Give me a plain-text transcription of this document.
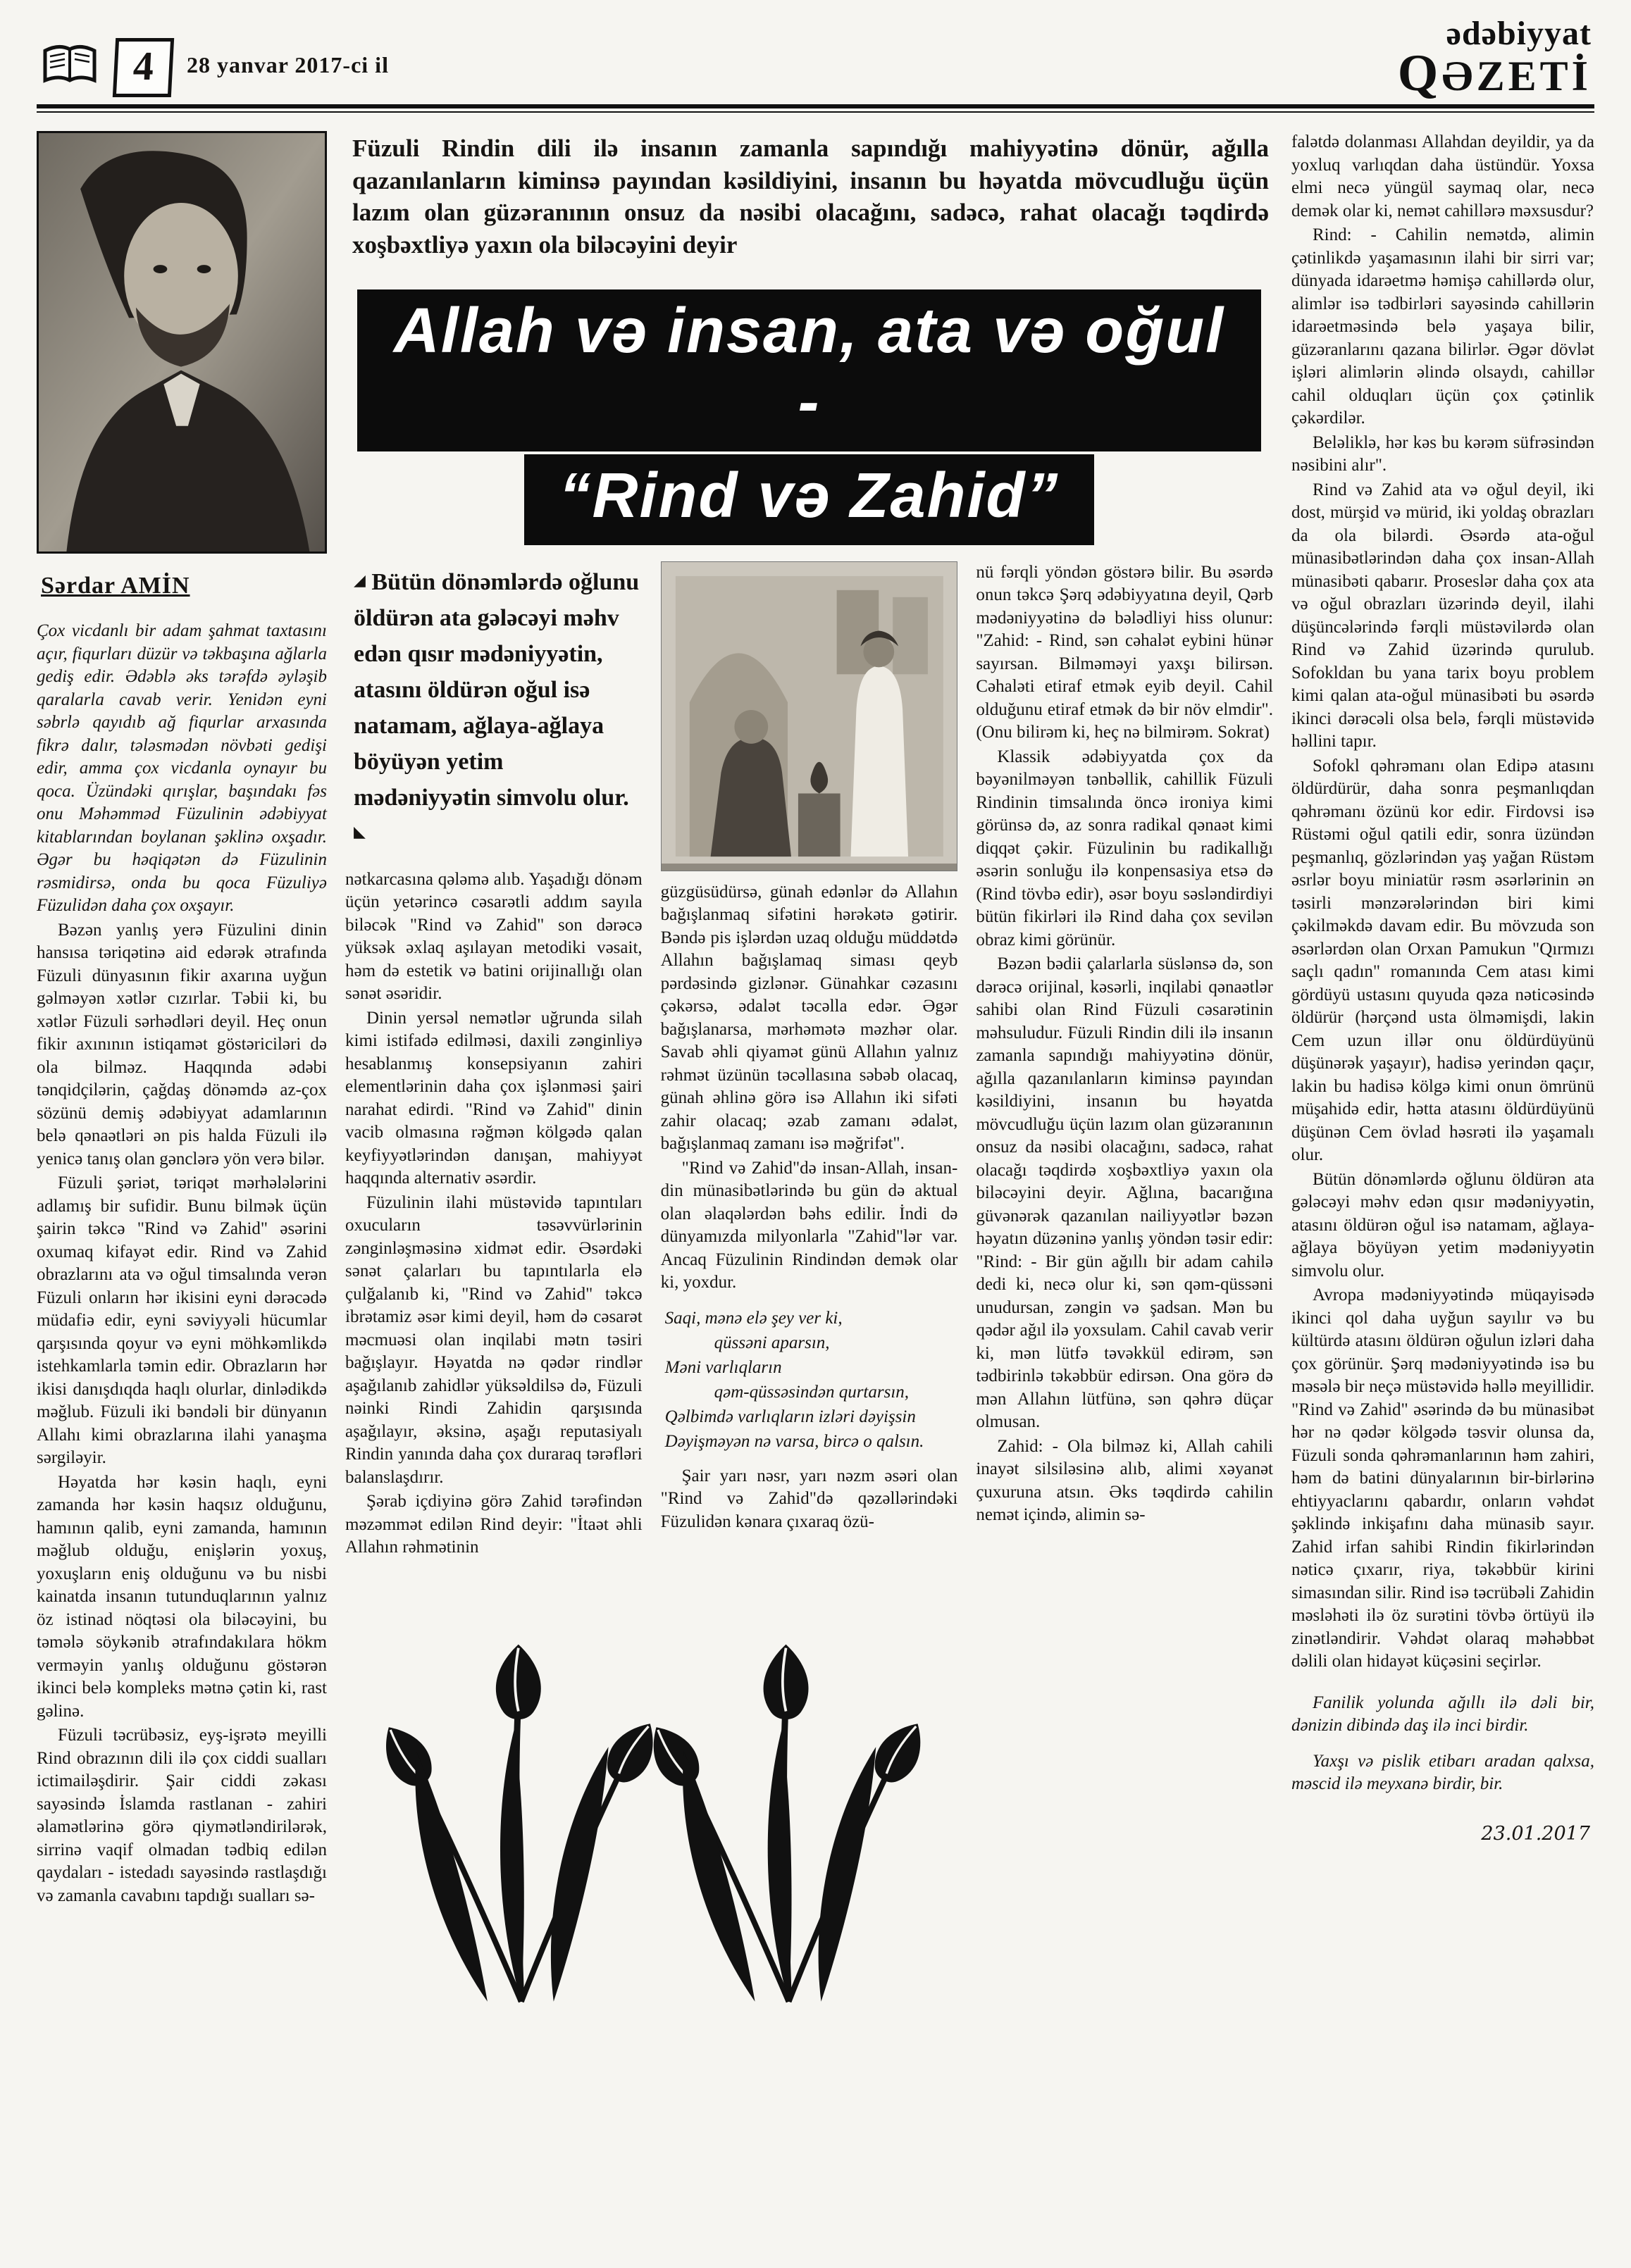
4	28 yanvar 2017-ci il
ədəbiyyat
QƏZETİ
Sərdar AMİN

Çox vicdanlı bir adam şahmat taxtasını açır, fiqurları düzür və təkbaşına ağlarla gediş edir. Ədəblə əks tərəfdə əyləşib qaralarla cavab verir. Yenidən eyni səbrlə qayıdıb ağ fiqurlar arxasında fikrə dalır, tələsmədən növbəti gedişi edir, amma çox vicdanla oynayır bu qoca. Üzündəki qırışlar, başındakı fəs onu Məhəmməd Füzulinin ədəbiyyat kitablarından boylanan şəklinə oxşadır. Əgər bu həqiqətən də Füzulinin rəsmidirsə, onda bu qoca Füzuliyə Füzulidən daha çox oxşayır.

Bəzən yanlış yerə Füzulini dinin hansısa təriqətinə aid edərək ətrafında Füzuli dünyasının fikir axarına uyğun gəlməyən xətlər cızırlar. Təbii ki, bu xətlər Füzuli sərhədləri deyil. Heç onun fikir axınının istiqamət göstəriciləri də ola bilməz. Haqqında ədəbi tənqidçilərin, çağdaş dönəmdə az-çox sözünü demiş ədəbiyyat adamlarının belə qənaətləri ən pis halda Füzuli ilə yenicə tanış olan gənclərə yön verə bilər.

Füzuli şəriət, təriqət mərhələlərini adlamış bir sufidir. Bunu bilmək üçün şairin təkcə "Rind və Zahid" əsərini oxumaq kifayət edir. Rind və Zahid obrazlarını ata və oğul timsalında verən Füzuli onların hər ikisini eyni dərəcədə müdafiə edir, eyni səviyyəli hücumlar qarşısında qoyur və eyni möhkəmlikdə istehkamlarla təmin edir. Obrazların hər ikisi danışdıqda haqlı olurlar, dinlədikdə məğlub. Füzuli iki bəndəli bir dünyanın Allahı kimi obrazlarına ilahi yanaşma sərgiləyir.

Həyatda hər kəsin haqlı, eyni zamanda hər kəsin haqsız olduğunu, hamının qalib, eyni zamanda, hamının məğlub olduğu, enişlərin yoxuş, yoxuşların eniş olduğunu və bu nisbi kainatda insanın tutunduqlarının yalnız öz istinad nöqtəsi ola biləcəyini, bu təmələ söykənib ətrafındakılara hökm verməyin yanlış olduğunu göstərən ikinci belə kompleks mətnə çətin ki, rast gəlinə.

Füzuli təcrübəsiz, eyş-işrətə meyilli Rind obrazının dili ilə çox ciddi sualları ictimailəşdirir. Şair ciddi zəkası sayəsində İslamda rastlanan - zahiri əlamətlərinə görə qiymətləndirilərək, sirrinə vaqif olmadan tədbiq edilən qaydaları - istedadı sayəsində rastlaşdığı və zamanla cavabını tapdığı sualları sə-

Füzuli Rindin dili ilə insanın zamanla sapındığı mahiyyətinə dönür, ağılla qazanılanların kiminsə payından kəsildiyini, insanın bu həyatda mövcudluğu üçün lazım olan güzəranının onsuz da nəsibi olacağını, sadəcə, rahat olacağı təqdirdə xoşbəxtliyə yaxın ola biləcəyini deyir
Allah və insan, ata və oğul -
“Rind və Zahid”
◢ Bütün dönəmlərdə oğlunu öldürən ata gələcəyi məhv edən qısır mədəniyyətin, atasını öldürən oğul isə natamam, ağlaya-ağlaya böyüyən yetim mədəniyyətin simvolu olur. ◣

nətkarcasına qələmə alıb. Yaşadığı dönəm üçün yetərincə cəsarətli addım sayıla biləcək "Rind və Zahid" son dərəcə yüksək əxlaq aşılayan metodiki vəsait, həm də estetik və batini orijinallığı olan sənət əsəridir.

Dinin yersəl nemətlər uğrunda silah kimi istifadə edilməsi, daxili zənginliyə hesablanmış konsepsiyanın zahiri elementlərinin daha çox işlənməsi şairi narahat edirdi. "Rind və Zahid" dinin vacib olmasına rəğmən kölgədə qalan keyfiyyətlərindən danışan, mahiyyət haqqında alternativ əsərdir.

Füzulinin ilahi müstəvidə tapıntıları oxucuların təsəvvürlərinin zənginləşməsinə xidmət edir. Əsərdəki sənət çalarları bu tapıntılarla elə çulğalanıb ki, "Rind və Zahid" təkcə ibrətamiz əsər kimi deyil, həm də cəsarət məcmuəsi olan inqilabi mətn təsiri bağışlayır. Həyatda nə qədər rindlər aşağılanıb zahidlər yüksəldilsə də, Füzuli nəinki Rindi Zahidin qarşısında aşağılayır, əksinə, aşağı reputasiyalı Rindin yanında daha çox duraraq tərəfləri balanslaşdırır.

Şərab içdiyinə görə Zahid tərəfindən məzəmmət edilən Rind deyir: "İtaət əhli Allahın rəhmətinin

güzgüsüdürsə, günah edənlər də Allahın bağışlanmaq sifətini hərəkətə gətirir. Bəndə pis işlərdən uzaq olduğu müddətdə Allahın bağışlamaq siması qeyb pərdəsində gizlənər. Günahkar cəzasını çəkərsə, ədalət təcəlla edər. Əgər bağışlanarsa, mərhəmətə məzhər olar. Savab əhli qiyamət günü Allahın yalnız rəhmət üzünün təcəllasına səbəb olacaq, günah əhlinə görə isə Allahın iki sifəti zahir olacaq; əzab zamanı ədalət, bağışlanmaq zamanı isə məğrifət".

"Rind və Zahid"də insan-Allah, insan-din münasibətlərində bu gün də aktual olan əlaqələrdən bəhs edilir. İndi də dünyamızda milyonlarla "Zahid"lər var. Ancaq Füzulinin Rindindən demək olar ki, yoxdur.

Saqi, mənə elə şey ver ki,
qüssəni aparsın,
Məni varlıqların
qəm-qüssəsindən qurtarsın,
Qəlbimdə varlıqların izləri dəyişsin
Dəyişməyən nə varsa, bircə o qalsın.

Şair yarı nəsr, yarı nəzm əsəri olan "Rind və Zahid"də qəzəllərindəki Füzulidən kənara çıxaraq özü-

nü fərqli yöndən göstərə bilir. Bu əsərdə onun təkcə Şərq ədəbiyyatına deyil, Qərb mədəniyyətinə də bələdliyi hiss olunur: "Zahid: - Rind, sən cəhalət eybini hünər sayırsan. Bilməməyi yaxşı bilirsən. Cəhaləti etiraf etmək eyib deyil. Cahil olduğunu etiraf etmək də bir növ elmdir". (Onu bilirəm ki, heç nə bilmirəm. Sokrat)

Klassik ədəbiyyatda çox da bəyənilməyən tənbəllik, cahillik Füzuli Rindinin timsalında öncə ironiya kimi görünsə də, az sonra radikal qənaət kimi diqqət çəkir. Füzulinin bu radikallığı əsərin sonluğu ilə konpensasiya etsə də (Rind tövbə edir), əsər boyu səsləndirdiyi bütün fikirləri ilə Rind daha çox sevilən obraz kimi görünür.

Bəzən bədii çalarlarla süslənsə də, son dərəcə orijinal, kəsərli, inqilabi qənaətlər sahibi olan Rind Füzuli cəsarətinin məhsuludur. Füzuli Rindin dili ilə insanın zamanla sapındığı mahiyyətinə dönür, ağılla qazanılanların kiminsə payından kəsildiyini, insanın bu həyatda mövcudluğu üçün lazım olan güzəranının onsuz da nəsibi olacağını, sadəcə, rahat olacağı təqdirdə xoşbəxtliyə yaxın ola biləcəyini deyir. Ağlına, bacarığına güvənərək qazanılan nailiyyətlər bəzən həyatın düzəninə yanlış yöndən təsir edir: "Rind: - Bir gün ağıllı bir adam cahilə dedi ki, necə olur ki, sən qəm-qüssəni unudursan, zəngin və şadsan. Mən bu qədər ağıl ilə yoxsulam. Cahil cavab verir ki, mən lütfə təvəkkül edirəm, sən tədbirinlə təkəbbür edirsən. Ona görə də mən Allahın lütfünə, sən qəhrə düçar olmusan.

Zahid: - Ola bilməz ki, Allah cahili inayət silsiləsinə alıb, alimi xəyanət çuxuruna atsın. Əks təqdirdə cahilin nemət içində, alimin sə-

falətdə dolanması Allahdan deyildir, ya da yoxluq varlıqdan daha üstündür. Yoxsa elmi necə yüngül saymaq olar, necə demək olar ki, nemət cahillərə məxsusdur?

Rind: - Cahilin nemətdə, alimin çətinlikdə yaşamasının ilahi bir sirri var; dünyada idarəetmə həmişə cahillərdə olur, alimlər isə tədbirləri sayəsində cahillərin idarəetməsində belə yaşaya bilir, güzəranlarını qazana bilirlər. Əgər dövlət işləri alimlərin əlində olsaydı, cahillər cahil olduqları üçün çox çətinlik çəkərdilər.

Beləliklə, hər kəs bu kərəm süfrəsindən nəsibini alır".

Rind və Zahid ata və oğul deyil, iki dost, mürşid və mürid, iki yoldaş obrazları da ola bilərdi. Əsərdə ata-oğul münasibətlərindən daha çox insan-Allah münasibəti qabarır. Proseslər daha çox ata və oğul obrazları üzərində deyil, ilahi düşüncələrində fərqli müstəvilərdə olan Rind və Zahid üzərində qurulub. Sofokldan bu yana tarix boyu problem kimi qalan ata-oğul münasibəti bu əsərdə ikinci dərəcəli olsa belə, fərqli müstəvidə həllini tapır.

Sofokl qəhrəmanı olan Edipə atasını öldürdürür, daha sonra peşmanlıqdan qəhrəmanı özünü kor edir. Firdovsi isə Rüstəmi oğul qatili edir, sonra üzündən peşmanlıq, gözlərindən yaş yağan Rüstəm əsrlər boyu miniatür rəsm əsərlərinin ən təsirli mənzərələrindən biri kimi çəkilməkdə davam edir. Bu mövzuda son əsərlərdən olan Orxan Pamukun "Qırmızı saçlı qadın" romanında Cem atası kimi gördüyü ustasını quyuda qəza nəticəsində öldürür (hərçənd usta ölməmişdi, lakin Cem uzun illər onu öldürdüyünü düşünərək yaşayır), hadisə yerindən qaçır, lakin bu hadisə kölgə kimi onun ömrünü müşahidə edir, hətta atasını öldürdüyünü düşünən Cem övlad həsrəti ilə yaşamalı olur.

Bütün dönəmlərdə oğlunu öldürən ata gələcəyi məhv edən qısır mədəniyyətin, atasını öldürən oğul isə natamam, ağlaya-ağlaya böyüyən yetim mədəniyyətin simvolu olur.

Avropa mədəniyyətində müqayisədə ikinci qol daha uyğun sayılır və bu kültürdə atasını öldürən oğulun izləri daha çox görünür. Şərq mədəniyyətində isə bu məsələ bir neçə müstəvidə həllə meyillidir. "Rind və Zahid" əsərində də bu münasibət hər nə qədər kölgədə təsvir olunsa da, Füzuli sonda qəhrəmanlarının həm zahiri, həm də batini dünyalarının bir-birlərinə ehtiyyaclarını qabardır, onların vəhdət şəklində inkişafını daha münasib sayır. Zahid irfan sahibi Rindin fikirlərindən nəticə çıxarır, riya, təkəbbür kirini simasından silir. Rind isə təcrübəli Zahidin məsləhəti ilə öz surətini tövbə örtüyü ilə zinətləndirir. Vəhdət olaraq məhəbbət dəlili olan hidayət küçəsini seçirlər.

Fanilik yolunda ağıllı ilə dəli bir, dənizin dibində daş ilə inci birdir.

Yaxşı və pislik etibarı aradan qalxsa, məscid ilə meyxanə birdir, bir.

23.01.2017
